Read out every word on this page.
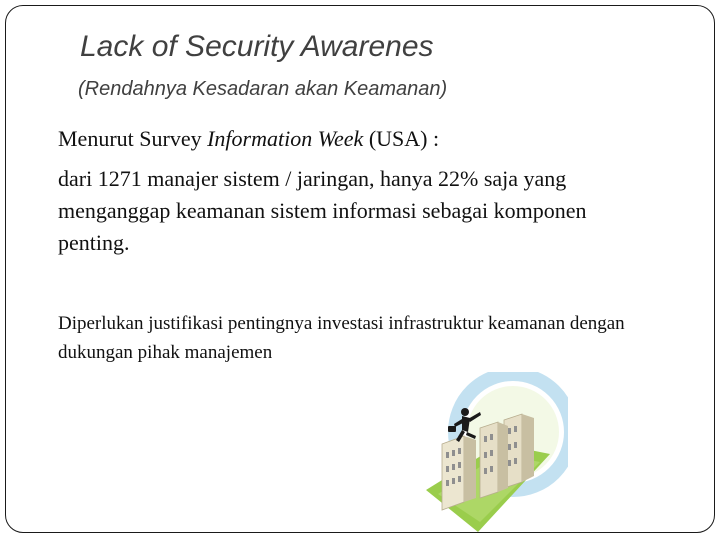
Lack of Security Awarenes
(Rendahnya Kesadaran akan Keamanan)
Menurut Survey Information Week (USA) :
dari 1271 manajer sistem / jaringan, hanya 22% saja yang menganggap keamanan sistem informasi sebagai komponen penting.
Diperlukan justifikasi pentingnya investasi infrastruktur keamanan dengan dukungan pihak manajemen
